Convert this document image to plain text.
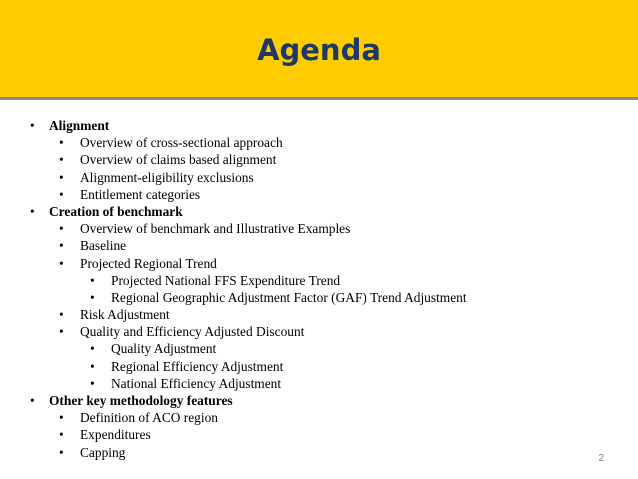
Agenda
• Alignment
• Overview of cross-sectional approach
• Overview of claims based alignment
• Alignment-eligibility exclusions
• Entitlement categories
• Creation of benchmark
• Overview of benchmark and Illustrative Examples
• Baseline
• Projected Regional Trend
• Projected National FFS Expenditure Trend
• Regional Geographic Adjustment Factor (GAF) Trend Adjustment
• Risk Adjustment
• Quality and Efficiency Adjusted Discount
• Quality Adjustment
• Regional Efficiency Adjustment
• National Efficiency Adjustment
• Other key methodology features
• Definition of ACO region
• Expenditures
• Capping	2
